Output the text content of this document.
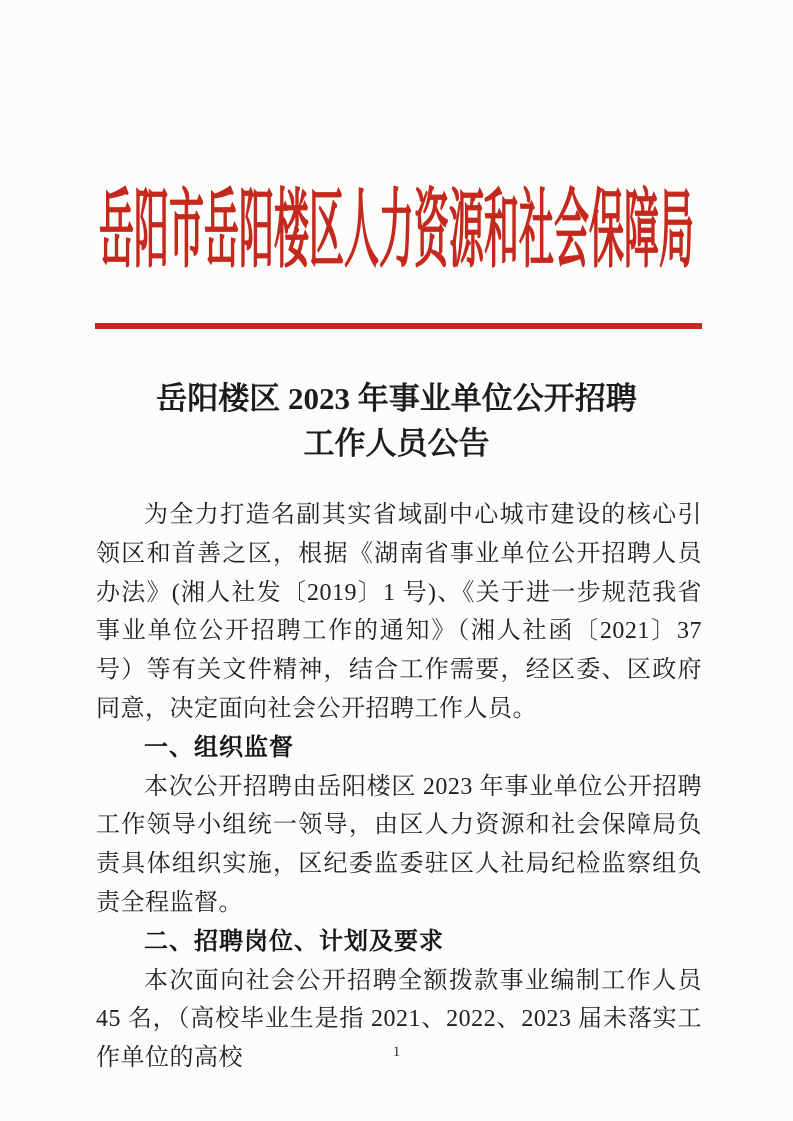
岳阳市岳阳楼区人力资源和社会保障局
岳阳楼区 2023 年事业单位公开招聘
工作人员公告

为全力打造名副其实省域副中心城市建设的核心引领区和首善之区，根据《湖南省事业单位公开招聘人员办法》(湘人社发〔2019〕1 号)、《关于进一步规范我省事业单位公开招聘工作的通知》（湘人社函〔2021〕37 号）等有关文件精神，结合工作需要，经区委、区政府同意，决定面向社会公开招聘工作人员。

一、组织监督

本次公开招聘由岳阳楼区 2023 年事业单位公开招聘工作领导小组统一领导，由区人力资源和社会保障局负责具体组织实施，区纪委监委驻区人社局纪检监察组负责全程监督。

二、招聘岗位、计划及要求

本次面向社会公开招聘全额拨款事业编制工作人员 45 名，（高校毕业生是指 2021、2022、2023 届未落实工作单位的高校	1
